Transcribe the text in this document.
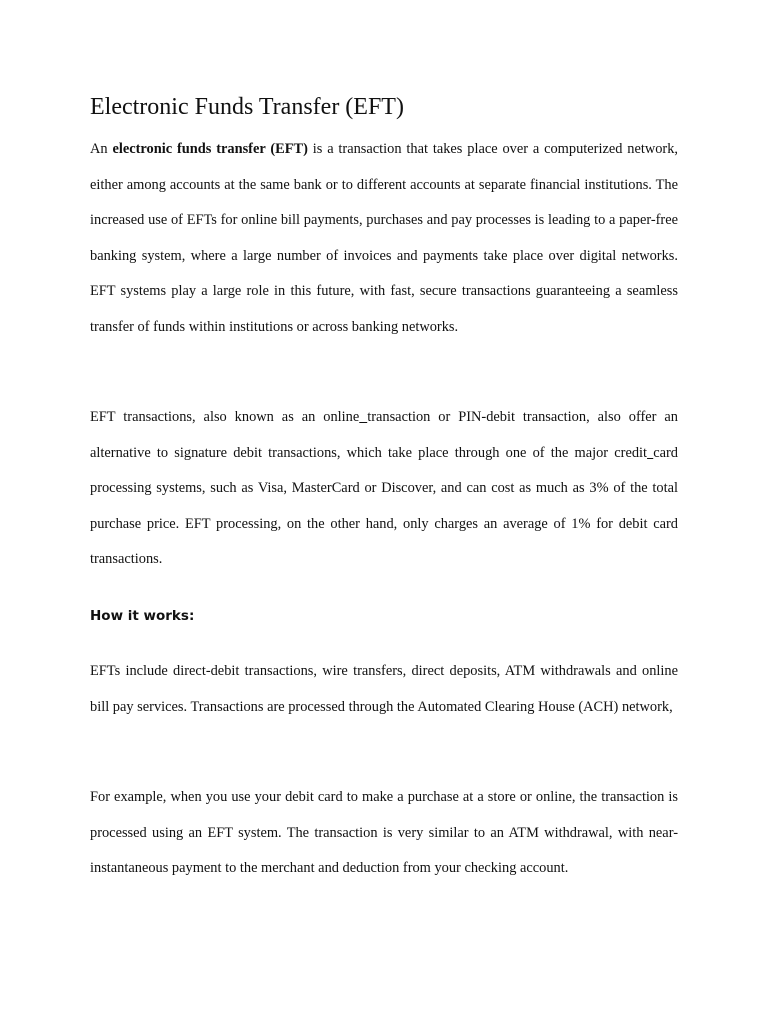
Electronic Funds Transfer (EFT)

An electronic funds transfer (EFT) is a transaction that takes place over a computerized network, either among accounts at the same bank or to different accounts at separate financial institutions. The increased use of EFTs for online bill payments, purchases and pay processes is leading to a paper-free banking system, where a large number of invoices and payments take place over digital networks. EFT systems play a large role in this future, with fast, secure transactions guaranteeing a seamless transfer of funds within institutions or across banking networks.

EFT transactions, also known as an online transaction or PIN-debit transaction, also offer an alternative to signature debit transactions, which take place through one of the major credit card processing systems, such as Visa, MasterCard or Discover, and can cost as much as 3% of the total purchase price. EFT processing, on the other hand, only charges an average of 1% for debit card transactions.

How it works:

EFTs include direct-debit transactions, wire transfers, direct deposits, ATM withdrawals and online bill pay services. Transactions are processed through the Automated Clearing House (ACH) network,

For example, when you use your debit card to make a purchase at a store or online, the transaction is processed using an EFT system. The transaction is very similar to an ATM withdrawal, with near-instantaneous payment to the merchant and deduction from your checking account.
